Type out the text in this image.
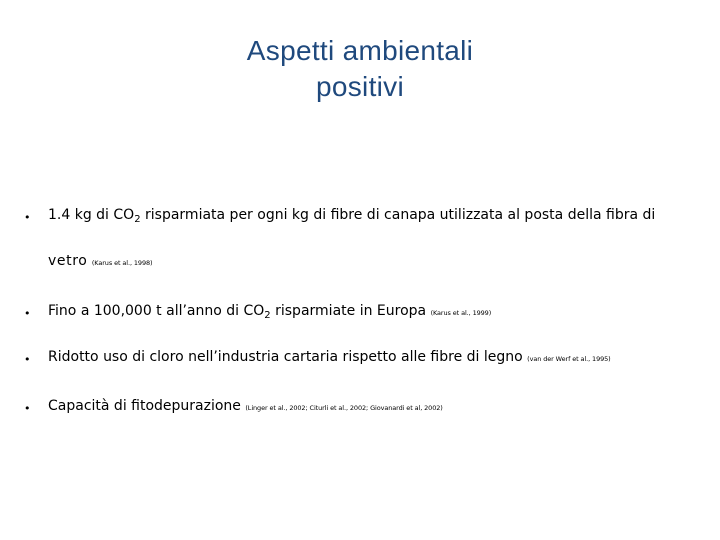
Aspetti ambientali
positivi
• 1.4 kg di $CO_2$ risparmiata per ogni kg di fibre di canapa utilizzata al posta della fibra di
vetro (Karus et al., 1998)
• Fino a 100,000 t all’anno di $CO_2$ risparmiate in Europa (Karus et al., 1999)
• Ridotto uso di cloro nell’industria cartaria rispetto alle fibre di legno (van der Werf et al., 1995)
• Capacità di fitodepurazione (Linger et al., 2002; Citurli et al., 2002; Giovanardi et al, 2002)
